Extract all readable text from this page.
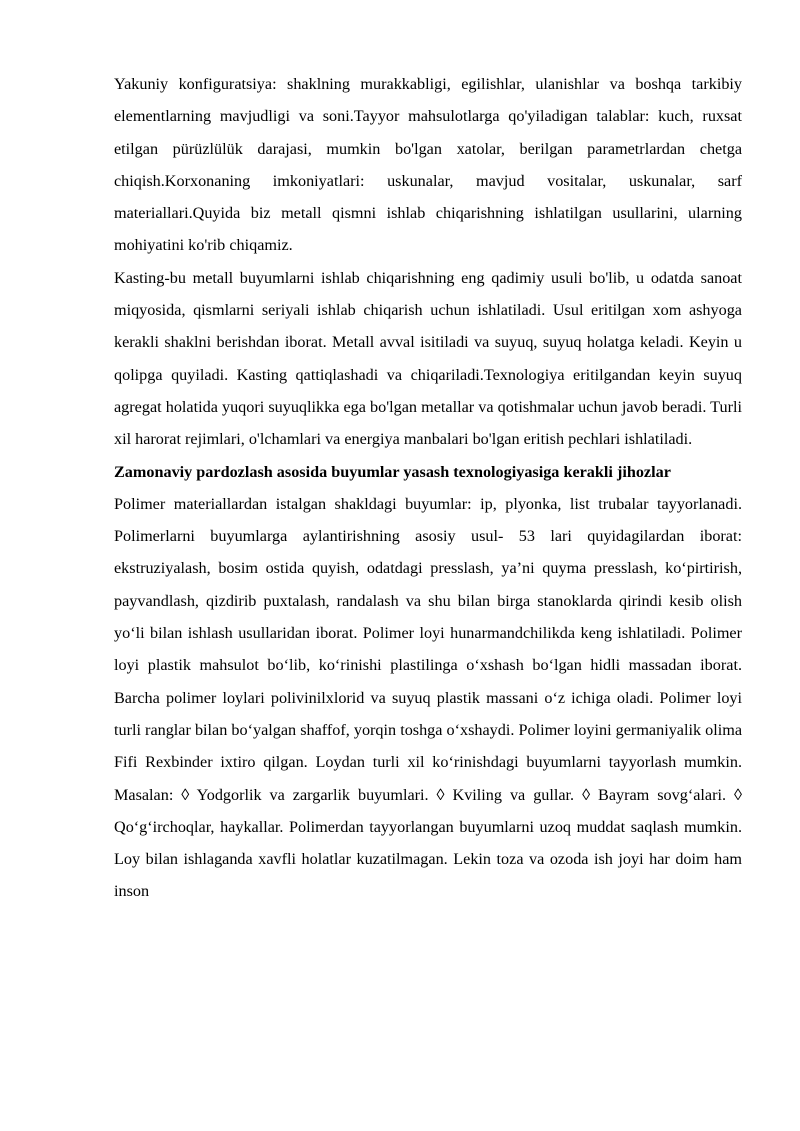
Yakuniy konfiguratsiya: shaklning murakkabligi, egilishlar, ulanishlar va boshqa tarkibiy elementlarning mavjudligi va soni.Tayyor mahsulotlarga qo'yiladigan talablar: kuch, ruxsat etilgan pürüzlülük darajasi, mumkin bo'lgan xatolar, berilgan parametrlardan chetga chiqish.Korxonaning imkoniyatlari: uskunalar, mavjud vositalar, uskunalar, sarf materiallari.Quyida biz metall qismni ishlab chiqarishning ishlatilgan usullarini, ularning mohiyatini ko'rib chiqamiz.

Kasting-bu metall buyumlarni ishlab chiqarishning eng qadimiy usuli bo'lib, u odatda sanoat miqyosida, qismlarni seriyali ishlab chiqarish uchun ishlatiladi. Usul eritilgan xom ashyoga kerakli shaklni berishdan iborat. Metall avval isitiladi va suyuq, suyuq holatga keladi. Keyin u qolipga quyiladi. Kasting qattiqlashadi va chiqariladi.Texnologiya eritilgandan keyin suyuq agregat holatida yuqori suyuqlikka ega bo'lgan metallar va qotishmalar uchun javob beradi. Turli xil harorat rejimlari, o'lchamlari va energiya manbalari bo'lgan eritish pechlari ishlatiladi.

Zamonaviy pardozlash asosida buyumlar yasash texnologiyasiga kerakli jihozlar

Polimer materiallardan istalgan shakldagi buyumlar: ip, plyonka, list trubalar tayyorlanadi. Polimerlarni buyumlarga aylantirishning asosiy usul- 53 lari quyidagilardan iborat: ekstruziyalash, bosim ostida quyish, odatdagi presslash, ya’ni quyma presslash, koʻpirtirish, payvandlash, qizdirib puxtalash, randalash va shu bilan birga stanoklarda qirindi kesib olish yoʻli bilan ishlash usullaridan iborat. Polimer loyi hunarmandchilikda keng ishlatiladi. Polimer loyi plastik mahsulot boʻlib, koʻrinishi plastilinga oʻxshash boʻlgan hidli massadan iborat. Barcha polimer loylari polivinilxlorid va suyuq plastik massani oʻz ichiga oladi. Polimer loyi turli ranglar bilan boʻyalgan shaffof, yorqin toshga oʻxshaydi. Polimer loyini germaniyalik olima Fifi Rexbinder ixtiro qilgan. Loydan turli xil koʻrinishdagi buyumlarni tayyorlash mumkin. Masalan: ◊ Yodgorlik va zargarlik buyumlari. ◊ Kviling va gullar. ◊ Bayram sovgʻalari. ◊ Qoʻgʻirchoqlar, haykallar. Polimerdan tayyorlangan buyumlarni uzoq muddat saqlash mumkin. Loy bilan ishlaganda xavfli holatlar kuzatilmagan. Lekin toza va ozoda ish joyi har doim ham inson
